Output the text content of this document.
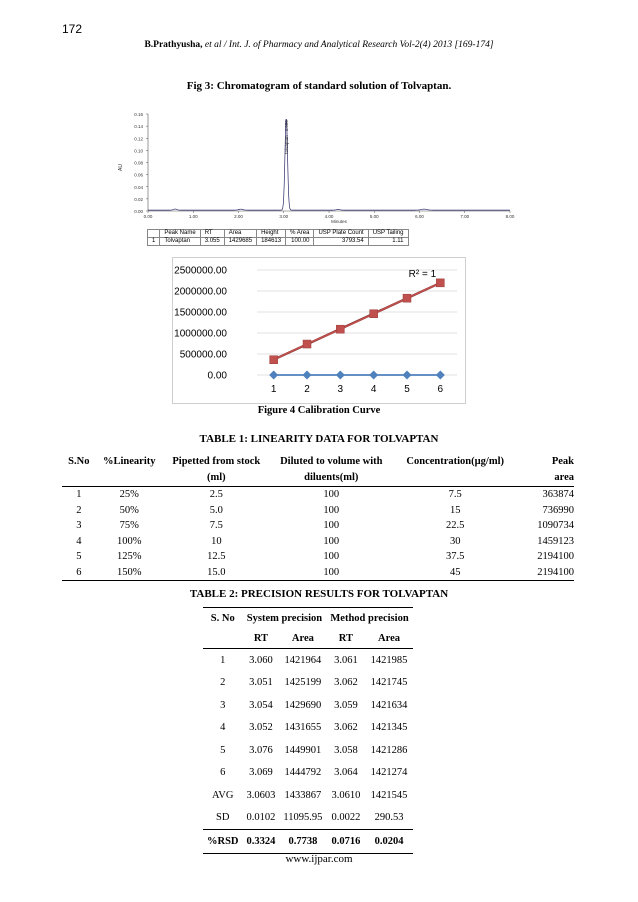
172
B.Prathyusha, et al / Int. J. of Pharmacy and Analytical Research Vol-2(4) 2013 [169-174]
Fig 3: Chromatogram of standard solution of Tolvaptan.
0.00
0.02
0.04
0.06
0.08
0.10
0.12
0.14
0.16
0.00	1.00	2.00	3.00	4.00	5.00	6.00	7.00	8.00
Minutes
AU
Tolvaptan - 3.055
	Peak Name	RT	Area	Height	% Area	USP Plate Count	USP Tailing
1	Tolvaptan	3.055	1429685	184613	100.00	3793.54	1.11
0.00
500000.00
1000000.00
1500000.00
2000000.00
2500000.00
1	2	3	4	5	6
R² = 1
Figure 4 Calibration Curve
TABLE 1: LINEARITY DATA FOR TOLVAPTAN
S.No	%Linearity	Pipetted from stock	Diluted to volume with	Concentration(µg/ml)	Peak
		(ml)	diluents(ml)		area
1	25%	2.5	100	7.5	363874
2	50%	5.0	100	15	736990
3	75%	7.5	100	22.5	1090734
4	100%	10	100	30	1459123
5	125%	12.5	100	37.5	2194100
6	150%	15.0	100	45	2194100
TABLE 2: PRECISION RESULTS FOR TOLVAPTAN
S. No	System precision		Method precision	
	RT	Area	RT	Area
1	3.060	1421964	3.061	1421985
2	3.051	1425199	3.062	1421745
3	3.054	1429690	3.059	1421634
4	3.052	1431655	3.062	1421345
5	3.076	1449901	3.058	1421286
6	3.069	1444792	3.064	1421274
AVG	3.0603	1433867	3.0610	1421545
SD	0.0102	11095.95	0.0022	290.53
%RSD	0.3324	0.7738	0.0716	0.0204
www.ijpar.com
